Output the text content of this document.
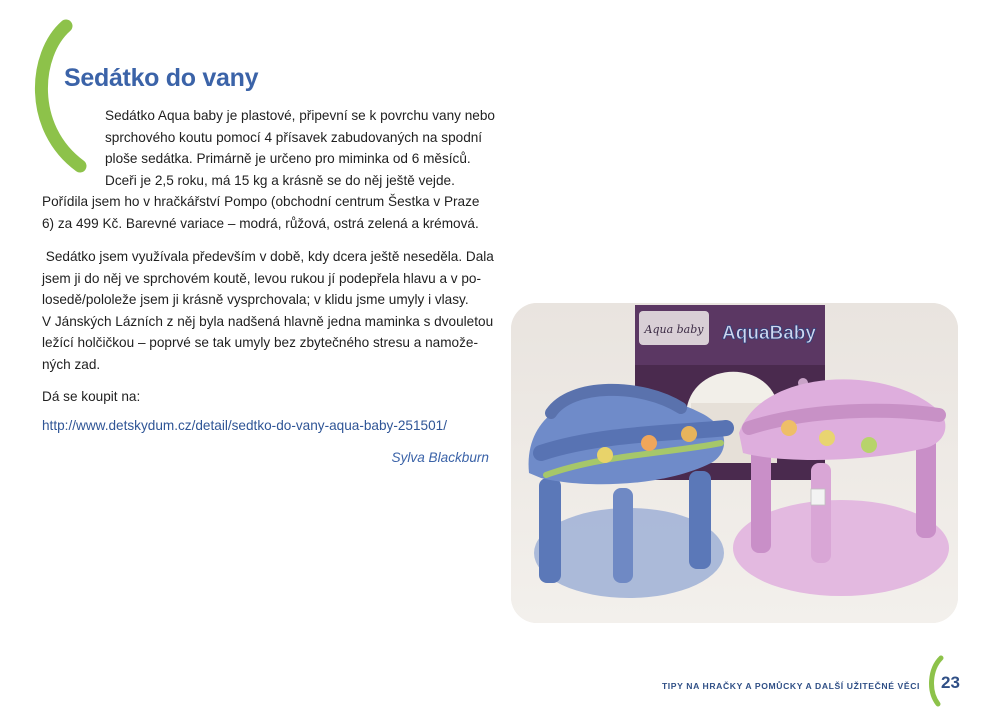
Sedátko do vany

Sedátko Aqua baby je plastové, připevní se k povrchu vany nebo
sprchového koutu pomocí 4 přísavek zabudovaných na spodní
ploše sedátka. Primárně je určeno pro miminka od 6 měsíců.
Dceři je 2,5 roku, má 15 kg a krásně se do něj ještě vejde.
Pořídila jsem ho v hračkářství Pompo (obchodní centrum Šestka v Praze
6) za 499 Kč. Barevné variace – modrá, růžová, ostrá zelená a krémová.

Sedátko jsem využívala především v době, kdy dcera ještě neseděla. Dala
jsem ji do něj ve sprchovém koutě, levou rukou jí podepřela hlavu a v po-
losedě/pololeže jsem ji krásně vysprchovala; v klidu jsme umyly i vlasy.
V Jánských Lázních z něj byla nadšená hlavně jedna maminka s dvouletou
ležící holčičkou – poprvé se tak umyly bez zbytečného stresu a namože-
ných zad.

Dá se koupit na:

http://www.detskydum.cz/detail/sedtko-do-vany-aqua-baby-251501/

Sylva Blackburn

Aqua baby AquaBaby

TIPY NA HRAČKY A POMŮCKY A DALŠÍ UŽITEČNÉ VĚCI 23
